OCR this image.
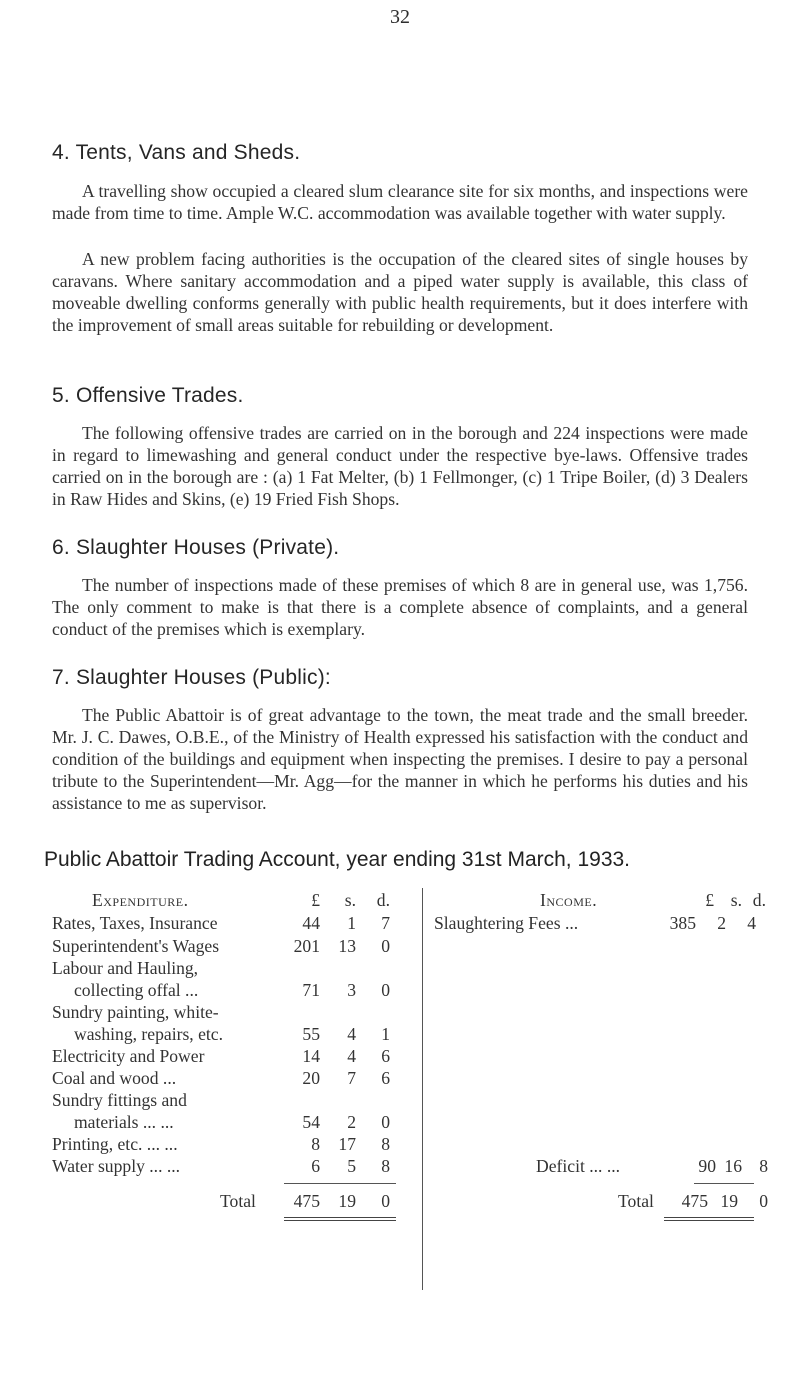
32
4. Tents, Vans and Sheds.
A travelling show occupied a cleared slum clearance site for six months, and inspections were made from time to time. Ample W.C. accommodation was available together with water supply.
A new problem facing authorities is the occupation of the cleared sites of single houses by caravans. Where sanitary accommodation and a piped water supply is available, this class of moveable dwelling conforms generally with public health requirements, but it does interfere with the improvement of small areas suitable for rebuilding or development.
5. Offensive Trades.
The following offensive trades are carried on in the borough and 224 inspections were made in regard to limewashing and general conduct under the respective bye-laws. Offensive trades carried on in the borough are : (a) 1 Fat Melter, (b) 1 Fellmonger, (c) 1 Tripe Boiler, (d) 3 Dealers in Raw Hides and Skins, (e) 19 Fried Fish Shops.
6. Slaughter Houses (Private).
The number of inspections made of these premises of which 8 are in general use, was 1,756. The only comment to make is that there is a complete absence of complaints, and a general conduct of the premises which is exemplary.
7. Slaughter Houses (Public):
The Public Abattoir is of great advantage to the town, the meat trade and the small breeder. Mr. J. C. Dawes, O.B.E., of the Ministry of Health expressed his satisfaction with the conduct and condition of the buildings and equipment when inspecting the premises. I desire to pay a personal tribute to the Superintendent—Mr. Agg—for the manner in which he performs his duties and his assistance to me as supervisor.
Public Abattoir Trading Account, year ending 31st March, 1933.
Expenditure.	£	s.	d.
Rates, Taxes, Insurance	44	1	7
Superintendent's Wages	201	13	0
Labour and Hauling,
collecting offal ...	71	3	0
Sundry painting, white-
washing, repairs, etc.	55	4	1
Electricity and Power	14	4	6
Coal and wood ...	20	7	6
Sundry fittings and
materials ... ...	54	2	0
Printing, etc. ... ...	8	17	8
Water supply ... ...	6	5	8
Total	475	19	0
Income.	£ s. d.
Slaughtering Fees ...	385	2	4
Deficit ... ...	90 16 8
Total	475 19	0
